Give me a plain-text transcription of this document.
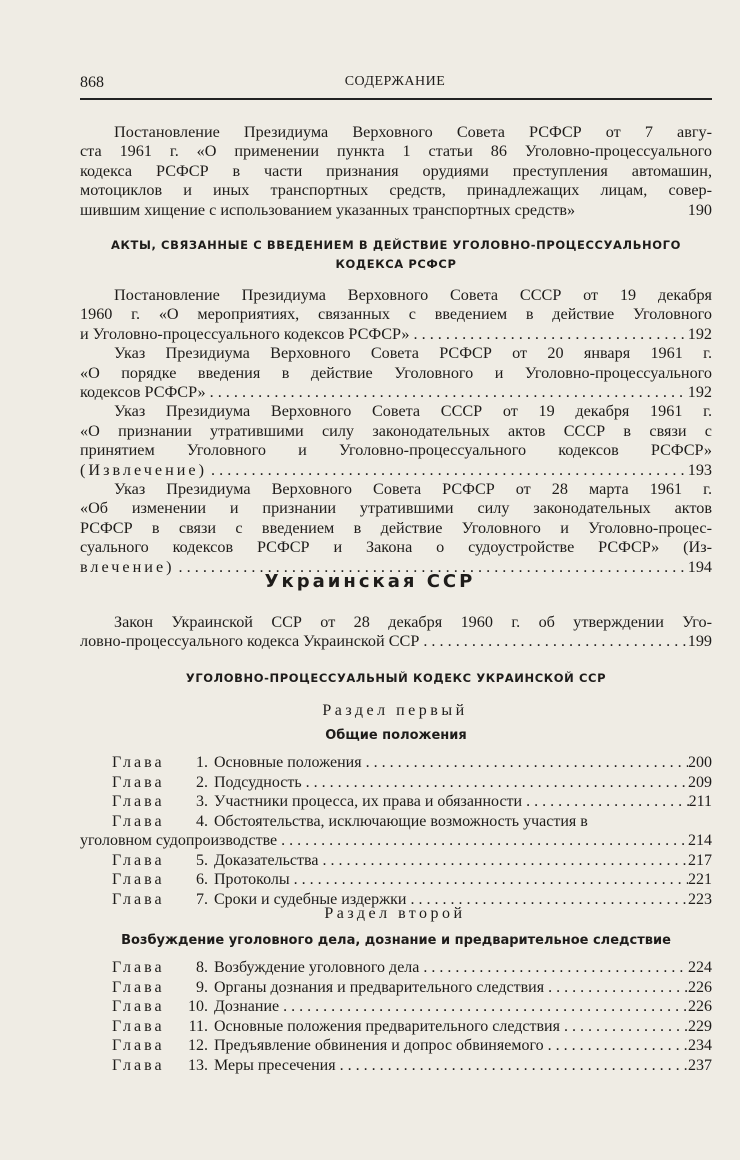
868	СОДЕРЖАНИЕ
Постановление Президиума Верховного Совета РСФСР от 7 авгу-
ста 1961 г. «О применении пункта 1 статьи 86 Уголовно-процессуального
кодекса РСФСР в части признания орудиями преступления автомашин,
мотоциклов и иных транспортных средств, принадлежащих лицам, совер-
шившим хищение с использованием указанных транспортных средств»	190
АКТЫ, СВЯЗАННЫЕ С ВВЕДЕНИЕМ В ДЕЙСТВИЕ УГОЛОВНО-ПРОЦЕССУАЛЬНОГО
КОДЕКСА РСФСР
Постановление Президиума Верховного Совета СССР от 19 декабря
1960 г. «О мероприятиях, связанных с введением в действие Уголовного
и Уголовно-процессуального кодексов РСФСР» . . .	192
Указ Президиума Верховного Совета РСФСР от 20 января 1961 г.
«О порядке введения в действие Уголовного и Уголовно-процессуального
кодексов РСФСР» . . .	192
Указ Президиума Верховного Совета СССР от 19 декабря 1961 г.
«О признании утратившими силу законодательных актов СССР в связи с
принятием Уголовного и Уголовно-процессуального кодексов РСФСР»
(Извлечение) . . .	193
Указ Президиума Верховного Совета РСФСР от 28 марта 1961 г.
«Об изменении и признании утратившими силу законодательных актов
РСФСР в связи с введением в действие Уголовного и Уголовно-процес-
суального кодексов РСФСР и Закона о судоустройстве РСФСР» (Из-
влечение) . . .	194
Украинская ССР
Закон Украинской ССР от 28 декабря 1960 г. об утверждении Уго-
ловно-процессуального кодекса Украинской ССР . . .	199
УГОЛОВНО-ПРОЦЕССУАЛЬНЫЙ КОДЕКС УКРАИНСКОЙ ССР
Раздел первый
Общие положения
Глава	1. Основные положения . . .	200
Глава	2. Подсудность . . .	209
Глава	3. Участники процесса, их права и обязанности . . .	211
Глава	4. Обстоятельства, исключающие возможность участия в
уголовном судопроизводстве . . .	214
Глава	5. Доказательства . . .	217
Глава	6. Протоколы . . .	221
Глава	7. Сроки и судебные издержки . . .	223
Раздел второй
Возбуждение уголовного дела, дознание и предварительное следствие
Глава	8. Возбуждение уголовного дела . . .	224
Глава	9. Органы дознания и предварительного следствия . . .	226
Глава	10. Дознание . . .	226
Глава	11. Основные положения предварительного следствия . . .	229
Глава	12. Предъявление обвинения и допрос обвиняемого . . .	234
Глава	13. Меры пресечения . . .	237
